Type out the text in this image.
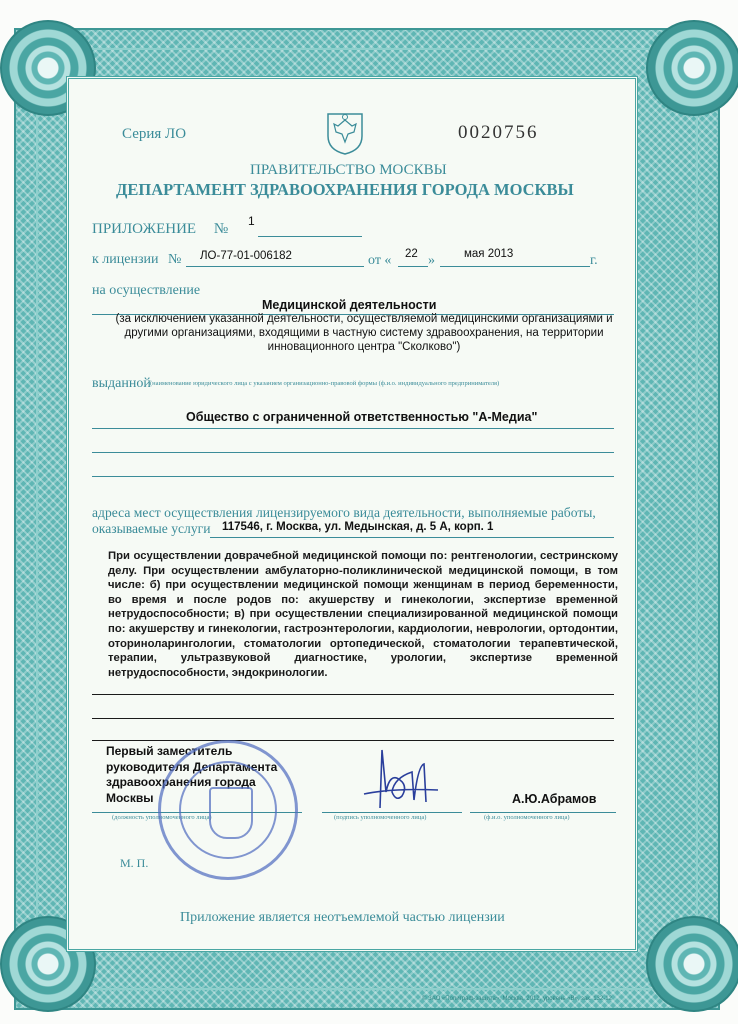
Серия ЛО	0020756
ПРАВИТЕЛЬСТВО МОСКВЫ
ДЕПАРТАМЕНТ ЗДРАВООХРАНЕНИЯ ГОРОДА МОСКВЫ
ПРИЛОЖЕНИЕ № 1
к лицензии № ЛО-77-01-006182	от « 22 »	мая 2013	г.
на осуществление
Медицинской деятельности
(за исключением указанной деятельности, осуществляемой медицинскими организациями и другими организациями, входящими в частную систему здравоохранения, на территории инновационного центра "Сколково")
выданной (наименование юридического лица с указанием организационно-правовой формы (ф.и.о. индивидуального предпринимателя)
Общество с ограниченной ответственностью "А-Медиа"
адреса мест осуществления лицензируемого вида деятельности, выполняемые работы,
оказываемые услуги 117546, г. Москва, ул. Медынская, д. 5 А, корп. 1
При осуществлении доврачебной медицинской помощи по: рентгенологии, сестринскому делу. При осуществлении амбулаторно-поликлинической медицинской помощи, в том числе: б) при осуществлении медицинской помощи женщинам в период беременности, во время и после родов по: акушерству и гинекологии, экспертизе временной нетрудоспособности; в) при осуществлении специализированной медицинской помощи по: акушерству и гинекологии, гастроэнтерологии, кардиологии, неврологии, ортодонтии, оториноларингологии, стоматологии ортопедической, стоматологии терапевтической, терапии, ультразвуковой диагностике, урологии, экспертизе временной нетрудоспособности, эндокринологии.
Первый заместитель руководителя Департамента здравоохранения города Москвы
(должность уполномоченного лица)	(подпись уполномоченного лица)
А.Ю.Абрамов
(ф.и.о. уполномоченного лица)
М. П.
Приложение является неотъемлемой частью лицензии
© ЗАО «Полиграф-защита», Москва, 2012, уровень «В», зак. 132-12
